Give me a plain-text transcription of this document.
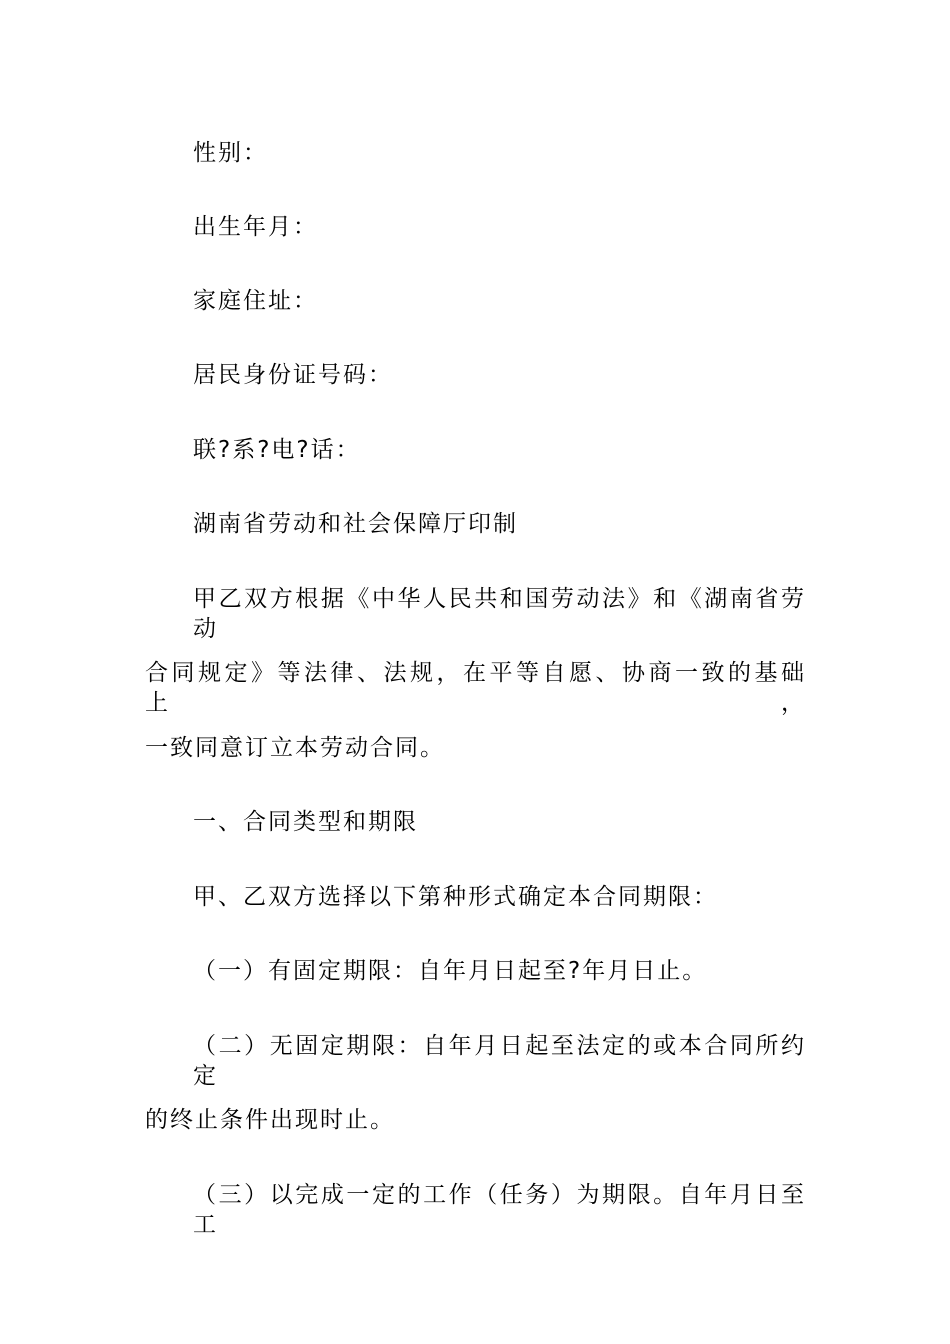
性别：

出生年月：

家庭住址：

居民身份证号码：

联?系?电?话：

湖南省劳动和社会保障厅印制

甲乙双方根据《中华人民共和国劳动法》和《湖南省劳动

合同规定》等法律、法规，在平等自愿、协商一致的基础上，

一致同意订立本劳动合同。

一、合同类型和期限

甲、乙双方选择以下第种形式确定本合同期限：

（一）有固定期限：自年月日起至?年月日止。

（二）无固定期限：自年月日起至法定的或本合同所约定

的终止条件出现时止。

（三）以完成一定的工作（任务）为期限。自年月日至工
